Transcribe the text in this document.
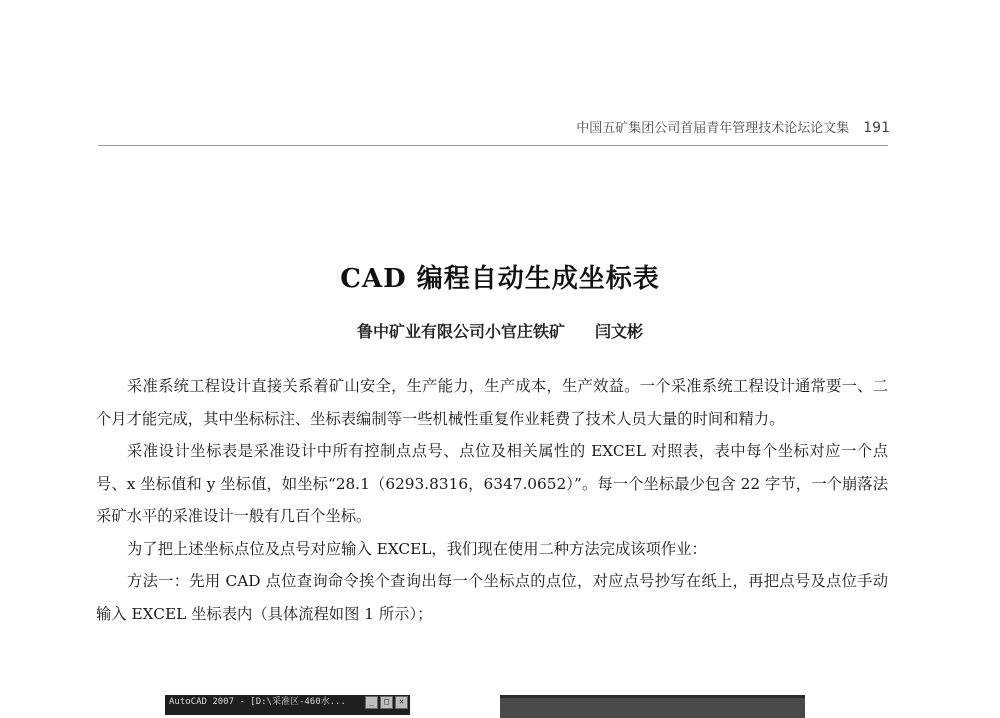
中国五矿集团公司首届青年管理技术论坛论文集 191
CAD 编程自动生成坐标表
鲁中矿业有限公司小官庄铁矿 闫文彬

采准系统工程设计直接关系着矿山安全，生产能力，生产成本，生产效益。一个采准系统工程设计通常要一、二个月才能完成，其中坐标标注、坐标表编制等一些机械性重复作业耗费了技术人员大量的时间和精力。

采准设计坐标表是采准设计中所有控制点点号、点位及相关属性的 EXCEL 对照表，表中每个坐标对应一个点号、x 坐标值和 y 坐标值，如坐标“28.1（6293.8316，6347.0652）”。每一个坐标最少包含 22 字节，一个崩落法采矿水平的采准设计一般有几百个坐标。

为了把上述坐标点位及点号对应输入 EXCEL，我们现在使用二种方法完成该项作业：

方法一：先用 CAD 点位查询命令挨个查询出每一个坐标点的点位，对应点号抄写在纸上，再把点号及点位手动输入 EXCEL 坐标表内（具体流程如图 1 所示）；

AutoCAD 2007 - [D:\采准区-460水...	_	□	×
